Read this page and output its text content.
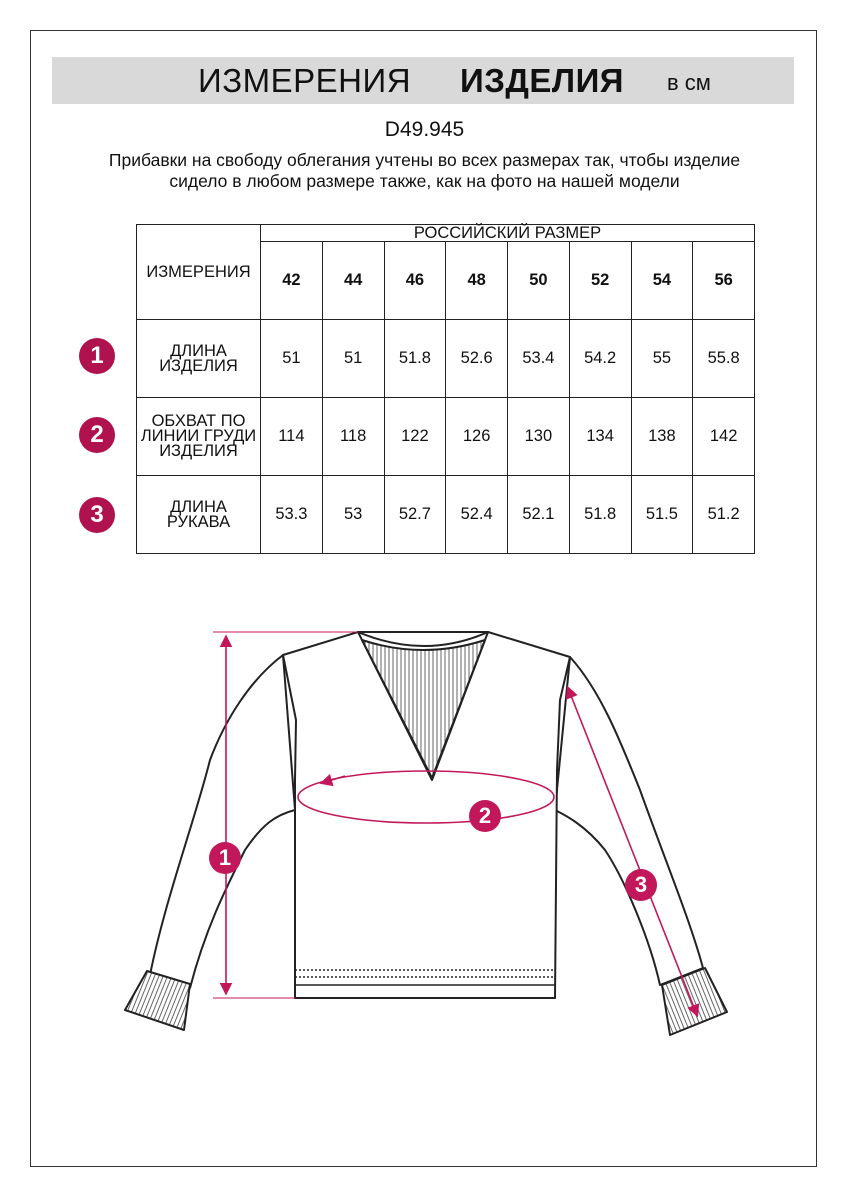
ИЗМЕРЕНИЯ ИЗДЕЛИЯ в см
D49.945
Прибавки на свободу облегания учтены во всех размерах так, чтобы изделие сидело в любом размере также, как на фото на нашей модели
ИЗМЕРЕНИЯ	РОССИЙСКИЙ РАЗМЕР							
	42	44	46	48	50	52	54	56
ДЛИНА ИЗДЕЛИЯ	51	51	51.8	52.6	53.4	54.2	55	55.8
ОБХВАТ ПО ЛИНИИ ГРУДИ ИЗДЕЛИЯ	114	118	122	126	130	134	138	142
ДЛИНА РУКАВА	53.3	53	52.7	52.4	52.1	51.8	51.5	51.2
1
2
3
1
2
3
